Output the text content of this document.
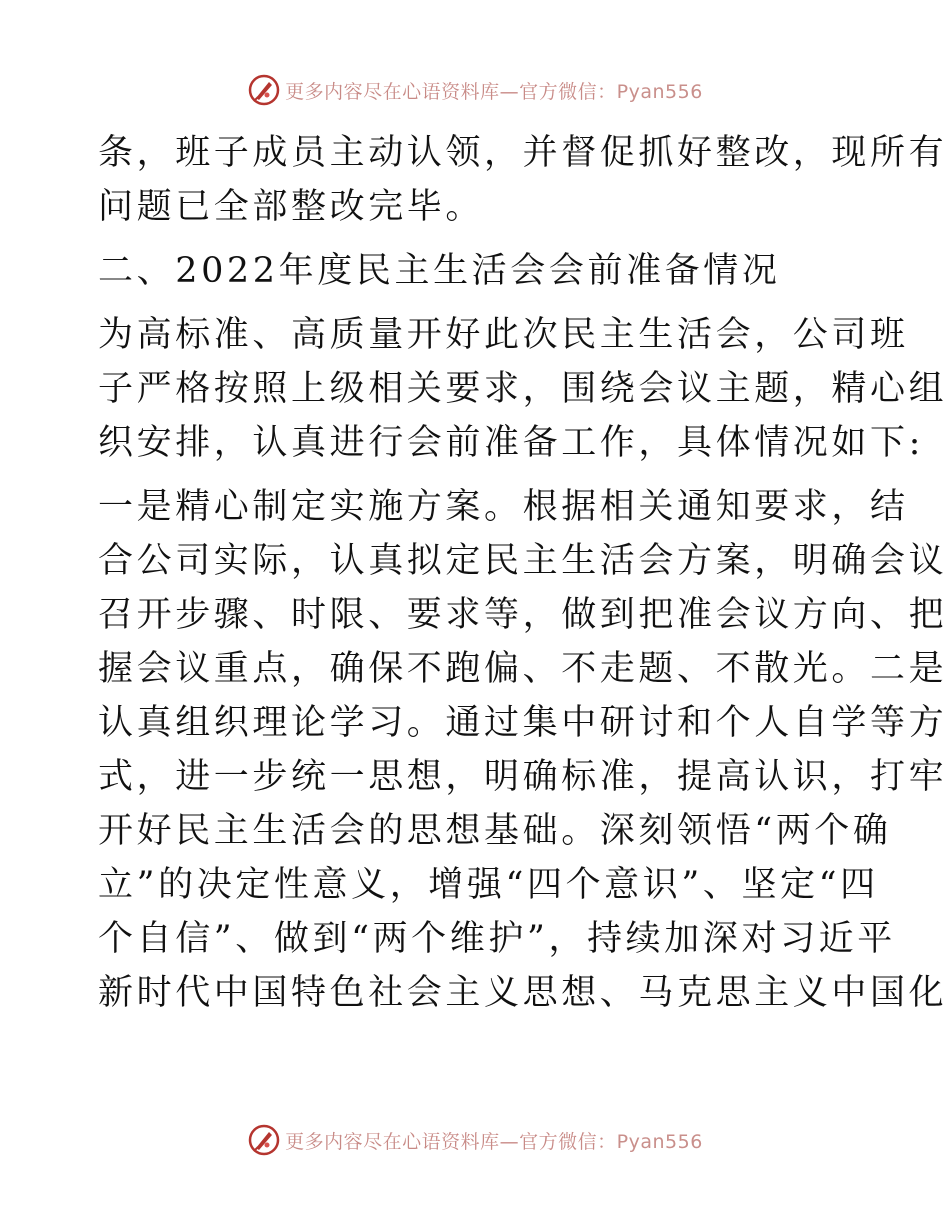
更多内容尽在心语资料库—官方微信：Pyan556
条，班子成员主动认领，并督促抓好整改，现所有
问题已全部整改完毕。
二、2022年度民主生活会会前准备情况
为高标准、高质量开好此次民主生活会，公司班
子严格按照上级相关要求，围绕会议主题，精心组
织安排，认真进行会前准备工作，具体情况如下:
一是精心制定实施方案。根据相关通知要求，结
合公司实际，认真拟定民主生活会方案，明确会议
召开步骤、时限、要求等，做到把准会议方向、把
握会议重点，确保不跑偏、不走题、不散光。二是
认真组织理论学习。通过集中研讨和个人自学等方
式，进一步统一思想，明确标准，提高认识，打牢
开好民主生活会的思想基础。深刻领悟“两个确
立”的决定性意义，增强“四个意识”、坚定“四
个自信”、做到“两个维护”，持续加深对习近平
新时代中国特色社会主义思想、马克思主义中国化
更多内容尽在心语资料库—官方微信：Pyan556
